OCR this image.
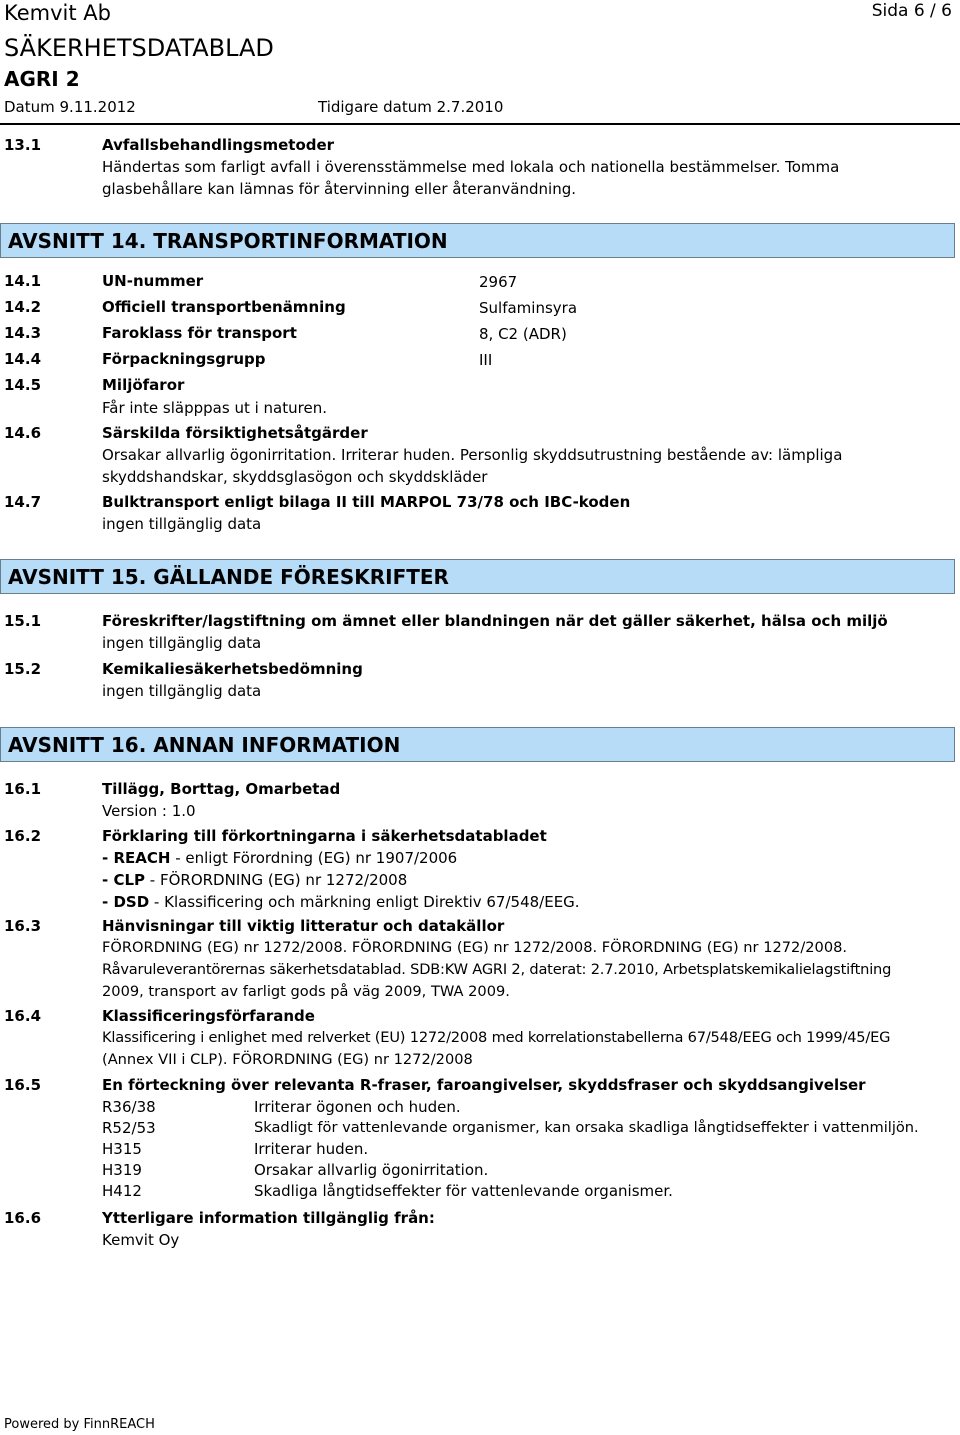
Kemvit Ab	Sida 6 / 6
SÄKERHETSDATABLAD
AGRI 2
Datum 9.11.2012	Tidigare datum 2.7.2010
13.1	Avfallsbehandlingsmetoder
Händertas som farligt avfall i överensstämmelse med lokala och nationella bestämmelser. Tomma glasbehållare kan lämnas för återvinning eller återanvändning.
AVSNITT 14. TRANSPORTINFORMATION
14.1	UN-nummer	2967
14.2	Officiell transportbenämning	Sulfaminsyra
14.3	Faroklass för transport	8, C2 (ADR)
14.4	Förpackningsgrupp	III
14.5	Miljöfaror
Får inte släpppas ut i naturen.
14.6	Särskilda försiktighetsåtgärder
Orsakar allvarlig ögonirritation. Irriterar huden. Personlig skyddsutrustning bestående av: lämpliga skyddshandskar, skyddsglasögon och skyddskläder
14.7	Bulktransport enligt bilaga II till MARPOL 73/78 och IBC-koden
ingen tillgänglig data
AVSNITT 15. GÄLLANDE FÖRESKRIFTER
15.1	Föreskrifter/lagstiftning om ämnet eller blandningen när det gäller säkerhet, hälsa och miljö
ingen tillgänglig data
15.2	Kemikaliesäkerhetsbedömning
ingen tillgänglig data
AVSNITT 16. ANNAN INFORMATION
16.1	Tillägg, Borttag, Omarbetad
Version : 1.0
16.2	Förklaring till förkortningarna i säkerhetsdatabladet
- REACH - enligt Förordning (EG) nr 1907/2006
- CLP - FÖRORDNING (EG) nr 1272/2008
- DSD - Klassificering och märkning enligt Direktiv 67/548/EEG.
16.3	Hänvisningar till viktig litteratur och datakällor
FÖRORDNING (EG) nr 1272/2008. FÖRORDNING (EG) nr 1272/2008. FÖRORDNING (EG) nr 1272/2008.
Råvaruleverantörernas säkerhetsdatablad. SDB:KW AGRI 2, daterat: 2.7.2010, Arbetsplatskemikalielagstiftning
2009, transport av farligt gods på väg 2009, TWA 2009.
16.4	Klassificeringsförfarande
Klassificering i enlighet med relverket (EU) 1272/2008 med korrelationstabellerna 67/548/EEG och 1999/45/EG
(Annex VII i CLP). FÖRORDNING (EG) nr 1272/2008
16.5	En förteckning över relevanta R-fraser, faroangivelser, skyddsfraser och skyddsangivelser
R36/38	Irriterar ögonen och huden.
R52/53	Skadligt för vattenlevande organismer, kan orsaka skadliga långtidseffekter i vattenmiljön.
H315	Irriterar huden.
H319	Orsakar allvarlig ögonirritation.
H412	Skadliga långtidseffekter för vattenlevande organismer.
16.6	Ytterligare information tillgänglig från:
Kemvit Oy
Powered by FinnREACH
